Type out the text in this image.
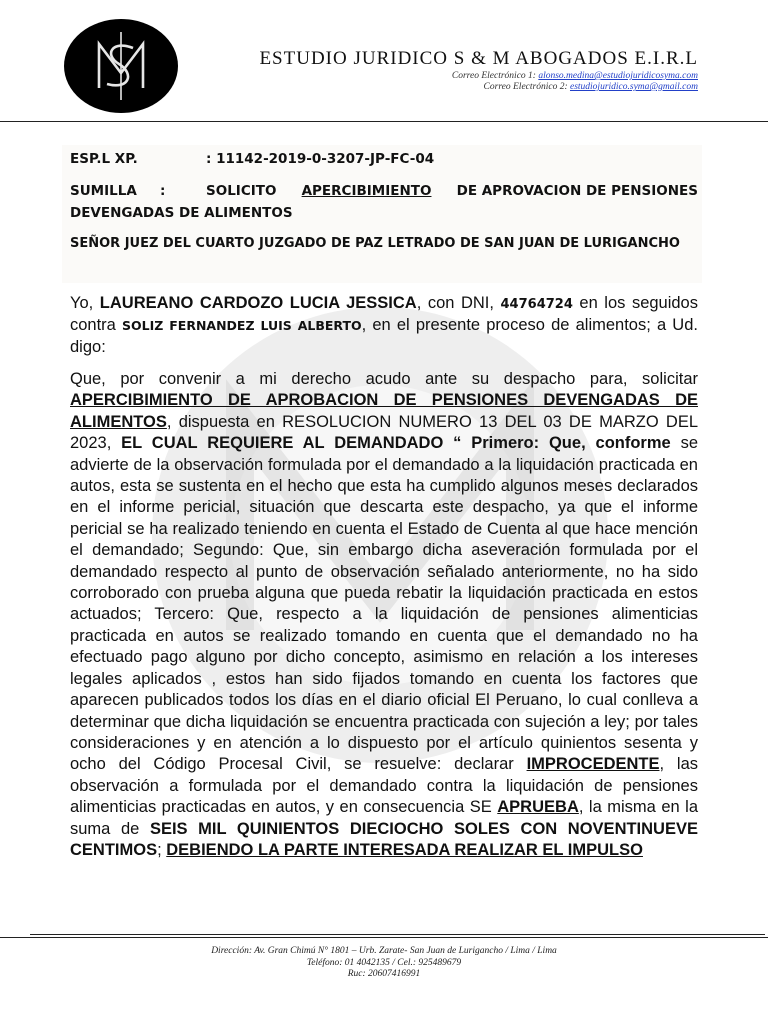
ESTUDIO JURIDICO S & M ABOGADOS E.I.R.L
Correo Electrónico 1: alonso.medina@estudiojuridicosyma.com
Correo Electrónico 2: estudiojuridico.syma@gmail.com
ESP.L XP.	: 11142-2019-0-3207-JP-FC-04
SUMILLA :	SOLICITO APERCIBIMIENTO DE APROVACION DE PENSIONES
DEVENGADAS DE ALIMENTOS
SEÑOR JUEZ DEL CUARTO JUZGADO DE PAZ LETRADO DE SAN JUAN DE LURIGANCHO

Yo, LAUREANO CARDOZO LUCIA JESSICA, con DNI, 44764724 en los seguidos contra SOLIZ FERNANDEZ LUIS ALBERTO, en el presente proceso de alimentos; a Ud. digo:

Que, por convenir a mi derecho acudo ante su despacho para, solicitar APERCIBIMIENTO DE APROBACION DE PENSIONES DEVENGADAS DE ALIMENTOS, dispuesta en RESOLUCION NUMERO 13 DEL 03 DE MARZO DEL 2023, EL CUAL REQUIERE AL DEMANDADO “ Primero: Que, conforme se advierte de la observación formulada por el demandado a la liquidación practicada en autos, esta se sustenta en el hecho que esta ha cumplido algunos meses declarados en el informe pericial, situación que descarta este despacho, ya que el informe pericial se ha realizado teniendo en cuenta el Estado de Cuenta al que hace mención el demandado; Segundo: Que, sin embargo dicha aseveración formulada por el demandado respecto al punto de observación señalado anteriormente, no ha sido corroborado con prueba alguna que pueda rebatir la liquidación practicada en estos actuados; Tercero: Que, respecto a la liquidación de pensiones alimenticias practicada en autos se realizado tomando en cuenta que el demandado no ha efectuado pago alguno por dicho concepto, asimismo en relación a los intereses legales aplicados , estos han sido fijados tomando en cuenta los factores que aparecen publicados todos los días en el diario oficial El Peruano, lo cual conlleva a determinar que dicha liquidación se encuentra practicada con sujeción a ley; por tales consideraciones y en atención a lo dispuesto por el artículo quinientos sesenta y ocho del Código Procesal Civil, se resuelve: declarar IMPROCEDENTE, las observación a formulada por el demandado contra la liquidación de pensiones alimenticias practicadas en autos, y en consecuencia SE APRUEBA, la misma en la suma de SEIS MIL QUINIENTOS DIECIOCHO SOLES CON NOVENTINUEVE CENTIMOS; DEBIENDO LA PARTE INTERESADA REALIZAR EL IMPULSO

Dirección: Av. Gran Chimú N° 1801 – Urb. Zarate- San Juan de Lurigancho / Lima / Lima
Teléfono: 01 4042135 / Cel.: 925489679
Ruc: 20607416991
